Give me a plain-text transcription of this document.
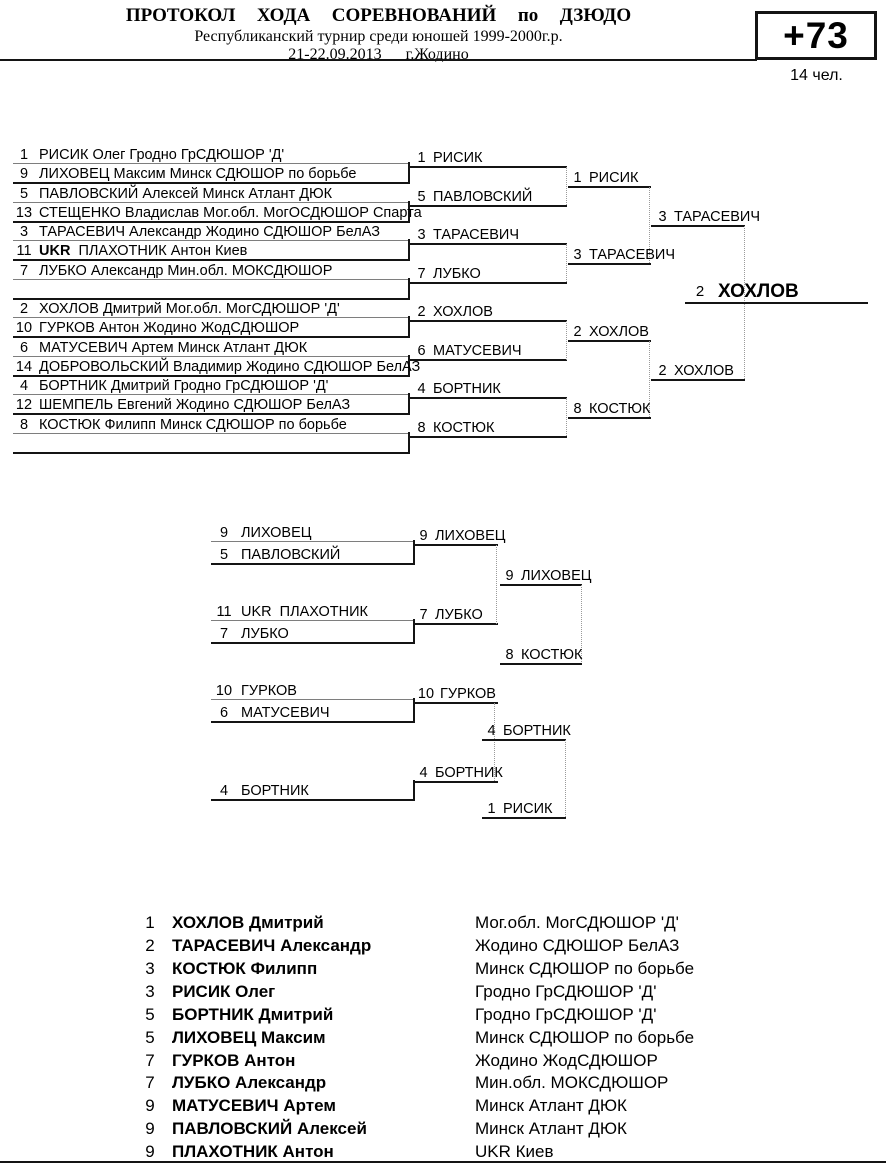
ПРОТОКОЛ  ХОДА  СОРЕВНОВАНИЙ  по  ДЗЮДО
Республиканский турнир среди юношей 1999-2000г.р.
21-22.09.2013   г.Жодино	+73
14 чел.
1 РИСИК Олег Гродно ГрСДЮШОР 'Д'
9 ЛИХОВЕЦ Максим Минск СДЮШОР по борьбе
5 ПАВЛОВСКИЙ Алексей Минск Атлант ДЮК
13 СТЕЩЕНКО Владислав Мог.обл. МогОСДЮШОР Спарта
3 ТАРАСЕВИЧ Александр Жодино СДЮШОР БелАЗ
11 UKR ПЛАХОТНИК Антон Киев
7 ЛУБКО Александр Мин.обл. МОКСДЮШОР
2 ХОХЛОВ Дмитрий Мог.обл. МогСДЮШОР 'Д'
10 ГУРКОВ Антон Жодино ЖодСДЮШОР
6 МАТУСЕВИЧ Артем Минск Атлант ДЮК
14 ДОБРОВОЛЬСКИЙ Владимир Жодино СДЮШОР БелАЗ
4 БОРТНИК Дмитрий Гродно ГрСДЮШОР 'Д'
12 ШЕМПЕЛЬ Евгений Жодино СДЮШОР БелАЗ
8 КОСТЮК Филипп Минск СДЮШОР по борьбе
1 РИСИК
5 ПАВЛОВСКИЙ
3 ТАРАСЕВИЧ
7 ЛУБКО
2 ХОХЛОВ
6 МАТУСЕВИЧ
4 БОРТНИК
8 КОСТЮК
1 РИСИК
3 ТАРАСЕВИЧ
2 ХОХЛОВ
8 КОСТЮК
3 ТАРАСЕВИЧ
2 ХОХЛОВ
2 ХОХЛОВ
9 ЛИХОВЕЦ
5 ПАВЛОВСКИЙ
11 UKR  ПЛАХОТНИК
7 ЛУБКО
9 ЛИХОВЕЦ
7 ЛУБКО
9 ЛИХОВЕЦ
8 КОСТЮК
10 ГУРКОВ
6 МАТУСЕВИЧ
4 БОРТНИК
10 ГУРКОВ
4 БОРТНИК
4 БОРТНИК
1 РИСИК
1	ХОХЛОВ Дмитрий	Мог.обл. МогСДЮШОР 'Д'
2	ТАРАСЕВИЧ Александр	Жодино СДЮШОР БелАЗ
3	КОСТЮК Филипп	Минск СДЮШОР по борьбе
3	РИСИК Олег	Гродно ГрСДЮШОР 'Д'
5	БОРТНИК Дмитрий	Гродно ГрСДЮШОР 'Д'
5	ЛИХОВЕЦ Максим	Минск СДЮШОР по борьбе
7	ГУРКОВ Антон	Жодино ЖодСДЮШОР
7	ЛУБКО Александр	Мин.обл. МОКСДЮШОР
9	МАТУСЕВИЧ Артем	Минск Атлант ДЮК
9	ПАВЛОВСКИЙ Алексей	Минск Атлант ДЮК
9	ПЛАХОТНИК Антон	UKR Киев
